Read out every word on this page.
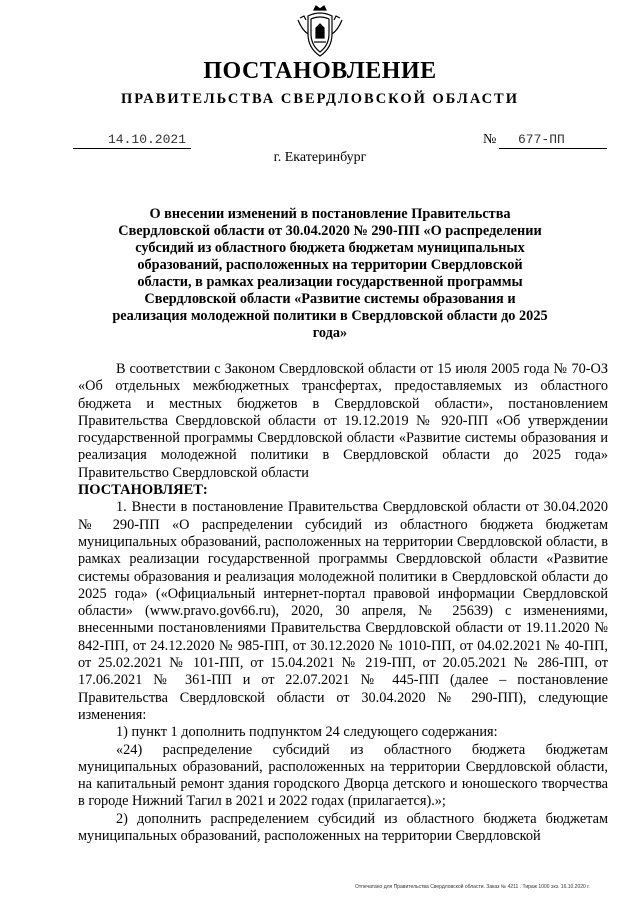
ПОСТАНОВЛЕНИЕ
ПРАВИТЕЛЬСТВА СВЕРДЛОВСКОЙ ОБЛАСТИ
14.10.2021	№ 677-ПП
г. Екатеринбург
О внесении изменений в постановление Правительства Свердловской области от 30.04.2020 № 290-ПП «О распределении субсидий из областного бюджета бюджетам муниципальных образований, расположенных на территории Свердловской области, в рамках реализации государственной программы Свердловской области «Развитие системы образования и реализация молодежной политики в Свердловской области до 2025 года»

В соответствии с Законом Свердловской области от 15 июля 2005 года № 70-ОЗ «Об отдельных межбюджетных трансфертах, предоставляемых из областного бюджета и местных бюджетов в Свердловской области», постановлением Правительства Свердловской области от 19.12.2019 № 920-ПП «Об утверждении государственной программы Свердловской области «Развитие системы образования и реализация молодежной политики в Свердловской области до 2025 года» Правительство Свердловской области

ПОСТАНОВЛЯЕТ:

1. Внести в постановление Правительства Свердловской области от 30.04.2020 № 290-ПП «О распределении субсидий из областного бюджета бюджетам муниципальных образований, расположенных на территории Свердловской области, в рамках реализации государственной программы Свердловской области «Развитие системы образования и реализация молодежной политики в Свердловской области до 2025 года» («Официальный интернет-портал правовой информации Свердловской области» (www.pravo.gov66.ru), 2020, 30 апреля, № 25639) с изменениями, внесенными постановлениями Правительства Свердловской области от 19.11.2020 № 842-ПП, от 24.12.2020 № 985-ПП, от 30.12.2020 № 1010-ПП, от 04.02.2021 № 40-ПП, от 25.02.2021 № 101-ПП, от 15.04.2021 № 219-ПП, от 20.05.2021 № 286-ПП, от 17.06.2021 № 361-ПП и от 22.07.2021 № 445-ПП (далее – постановление Правительства Свердловской области от 30.04.2020 № 290-ПП), следующие изменения:

1) пункт 1 дополнить подпунктом 24 следующего содержания:

«24) распределение субсидий из областного бюджета бюджетам муниципальных образований, расположенных на территории Свердловской области, на капитальный ремонт здания городского Дворца детского и юношеского творчества в городе Нижний Тагил в 2021 и 2022 годах (прилагается).»;

2) дополнить распределением субсидий из областного бюджета бюджетам муниципальных образований, расположенных на территории Свердловской

Отпечатано для Правительства Свердловской области. Заказ № 4211 . Тираж 1000 экз. 16.10.2020 г.
